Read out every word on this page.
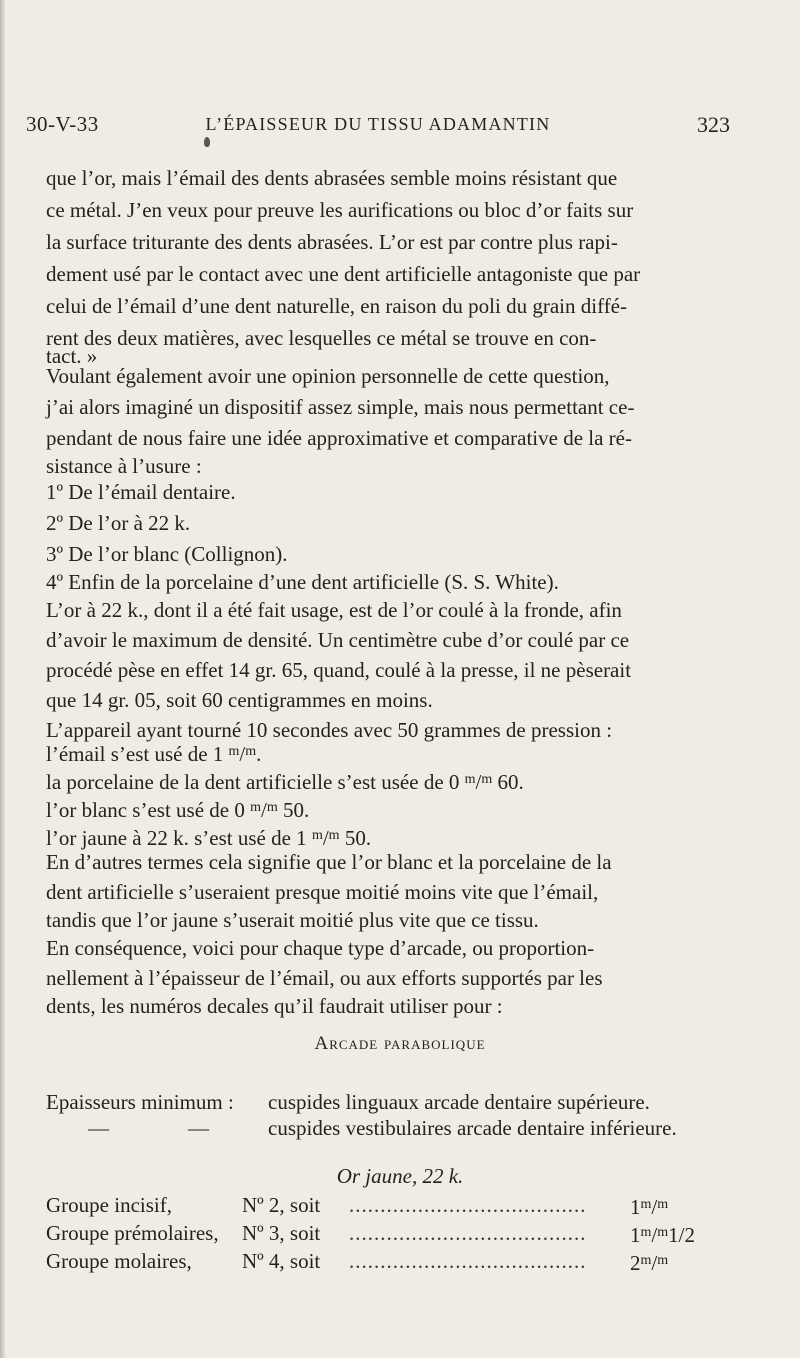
30-V-33	L’ÉPAISSEUR DU TISSU ADAMANTIN	323
que l’or, mais l’émail des dents abrasées semble moins résistant que
ce métal. J’en veux pour preuve les aurifications ou bloc d’or faits sur
la surface triturante des dents abrasées. L’or est par contre plus rapi-
dement usé par le contact avec une dent artificielle antagoniste que par
celui de l’émail d’une dent naturelle, en raison du poli du grain diffé-
rent des deux matières, avec lesquelles ce métal se trouve en con-
tact. »
Voulant également avoir une opinion personnelle de cette question,
j’ai alors imaginé un dispositif assez simple, mais nous permettant ce-
pendant de nous faire une idée approximative et comparative de la ré-
sistance à l’usure :
1º De l’émail dentaire.
2º De l’or à 22 k.
3º De l’or blanc (Collignon).
4º Enfin de la porcelaine d’une dent artificielle (S. S. White).
L’or à 22 k., dont il a été fait usage, est de l’or coulé à la fronde, afin
d’avoir le maximum de densité. Un centimètre cube d’or coulé par ce
procédé pèse en effet 14 gr. 65, quand, coulé à la presse, il ne pèserait
que 14 gr. 05, soit 60 centigrammes en moins.
L’appareil ayant tourné 10 secondes avec 50 grammes de pression :
l’émail s’est usé de 1 $^m$/$^m$.
la porcelaine de la dent artificielle s’est usée de 0 $^m$/$^m$ 60.
l’or blanc s’est usé de 0 $^m$/$^m$ 50.
l’or jaune à 22 k. s’est usé de 1 $^m$/$^m$ 50.
En d’autres termes cela signifie que l’or blanc et la porcelaine de la
dent artificielle s’useraient presque moitié moins vite que l’émail,
tandis que l’or jaune s’userait moitié plus vite que ce tissu.
En conséquence, voici pour chaque type d’arcade, ou proportion-
nellement à l’épaisseur de l’émail, ou aux efforts supportés par les
dents, les numéros decales qu’il faudrait utiliser pour :
Arcade parabolique
Epaisseurs minimum : cuspides linguaux arcade dentaire supérieure.
—	—	cuspides vestibulaires arcade dentaire inférieure.
Or jaune, 22 k.
Groupe incisif,	Nº 2, soit ......................................	1$^m$/$^m$
Groupe prémolaires, Nº 3, soit ......................................	1$^m$/$^m$1/2
Groupe molaires, Nº 4, soit ......................................	2$^m$/$^m$
